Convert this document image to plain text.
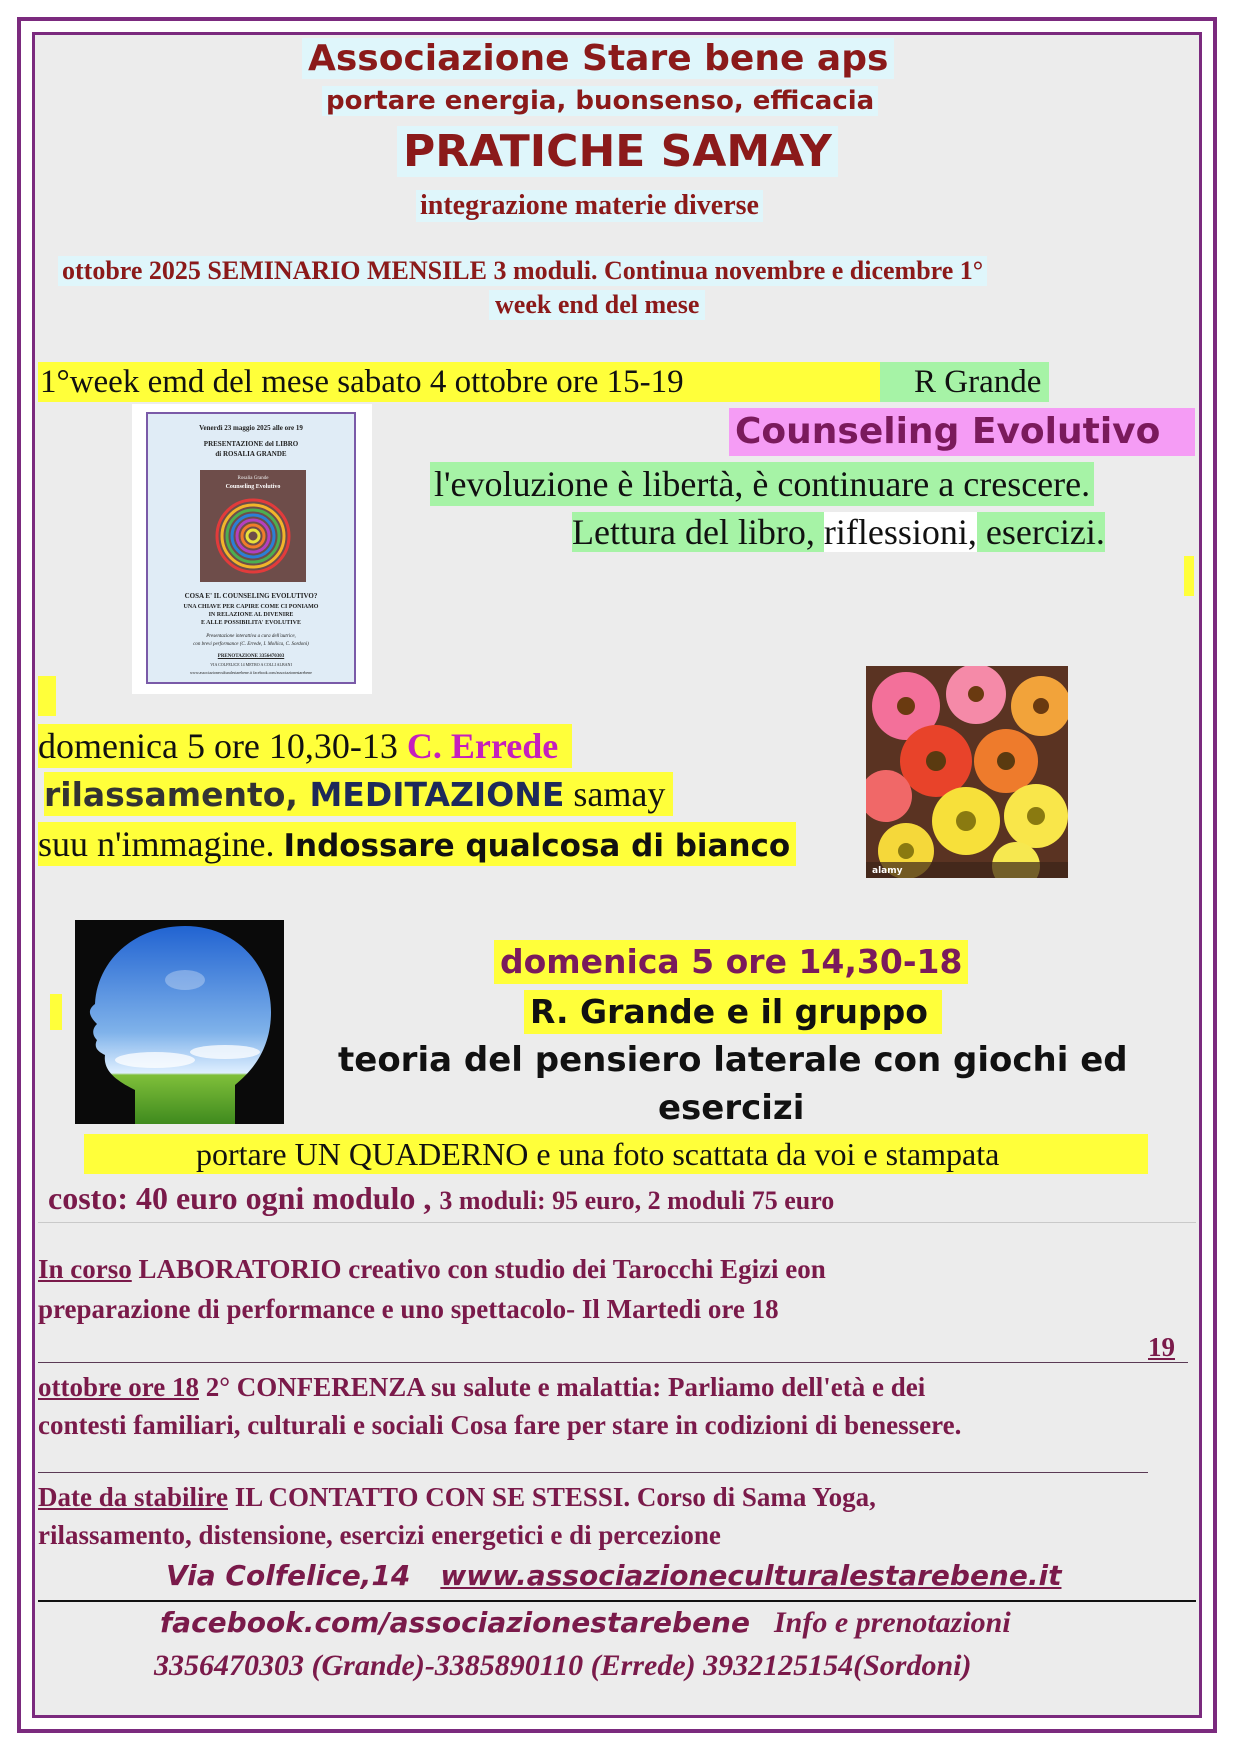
Associazione Stare bene aps
portare energia, buonsenso, efficacia
PRATICHE SAMAY
integrazione materie diverse
ottobre 2025 SEMINARIO MENSILE 3 moduli. Continua novembre e dicembre 1°
week end del mese
1°week emd del mese sabato 4 ottobre ore 15-19	R Grande
Venerdì 23 maggio 2025 alle ore 19
PRESENTAZIONE del LIBRO
di ROSALIA GRANDE
Rosalia Grande
Counseling Evolutivo
COSA E' IL COUNSELING EVOLUTIVO?
UNA CHIAVE PER CAPIRE COME CI PONIAMO
IN RELAZIONE AL DIVENIRE
E ALLE POSSIBILITA' EVOLUTIVE
Presentazione interattiva a cura dell'autrice,
con brevi performance (C. Errede, I. Mollica, C. Sordoni)
PRENOTAZIONE 3356470303
VIA COLFELICE 14 METRO A COLLI ALBANI
www.associazioneculturalestarebene.it facebook.com/associazionestarebene
Counseling Evolutivo
l'evoluzione è libertà, è continuare a crescere.
Lettura del libro, riflessioni, esercizi.
domenica 5 ore 10,30-13 C. Errede
rilassamento, MEDITAZIONE samay
suu n'immagine. Indossare qualcosa di bianco
alamy
domenica 5 ore 14,30-18
R. Grande e il gruppo
teoria del pensiero laterale con giochi ed
esercizi
portare UN QUADERNO e una foto scattata da voi e stampata
costo: 40 euro ogni modulo , 3 moduli: 95 euro, 2 moduli 75 euro
In corso LABORATORIO creativo con studio dei Tarocchi Egizi eon
preparazione di performance e uno spettacolo- Il Martedi ore 18
19
ottobre ore 18 2° CONFERENZA su salute e malattia: Parliamo dell'età e dei
contesti familiari, culturali e sociali Cosa fare per stare in codizioni di benessere.
Date da stabilire IL CONTATTO CON SE STESSI. Corso di Sama Yoga,
rilassamento, distensione, esercizi energetici e di percezione
Via Colfelice,14 www.associazioneculturalestarebene.it
facebook.com/associazionestarebene Info e prenotazioni
3356470303 (Grande)-3385890110 (Errede) 3932125154(Sordoni)
